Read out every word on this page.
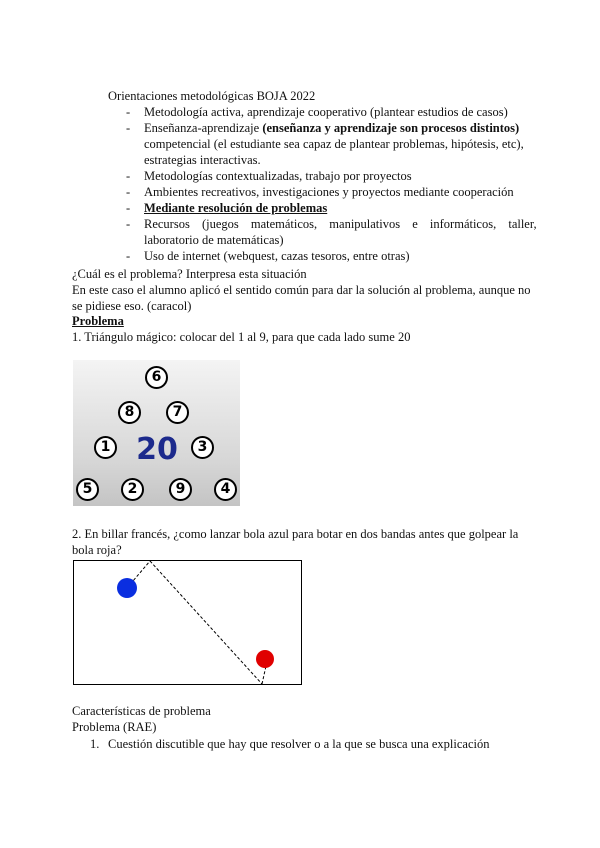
Orientaciones metodológicas BOJA 2022
- Metodología activa, aprendizaje cooperativo (plantear estudios de casos)
- Enseñanza-aprendizaje (enseñanza y aprendizaje son procesos distintos)
competencial (el estudiante sea capaz de plantear problemas, hipótesis, etc),
estrategias interactivas.
- Metodologías contextualizadas, trabajo por proyectos
- Ambientes recreativos, investigaciones y proyectos mediante cooperación
- Mediante resolución de problemas
- Recursos (juegos matemáticos, manipulativos e informáticos, taller,
laboratorio de matemáticas)
- Uso de internet (webquest, cazas tesoros, entre otras)
¿Cuál es el problema? Interpresa esta situación
En este caso el alumno aplicó el sentido común para dar la solución al problema, aunque no
se pidiese eso. (caracol)
Problema
1. Triángulo mágico: colocar del 1 al 9, para que cada lado sume 20
6
8	7
1 20	3
5	2	9	4
2. En billar francés, ¿como lanzar bola azul para botar en dos bandas antes que golpear la
bola roja?
Características de problema
Problema (RAE)
1. Cuestión discutible que hay que resolver o a la que se busca una explicación
